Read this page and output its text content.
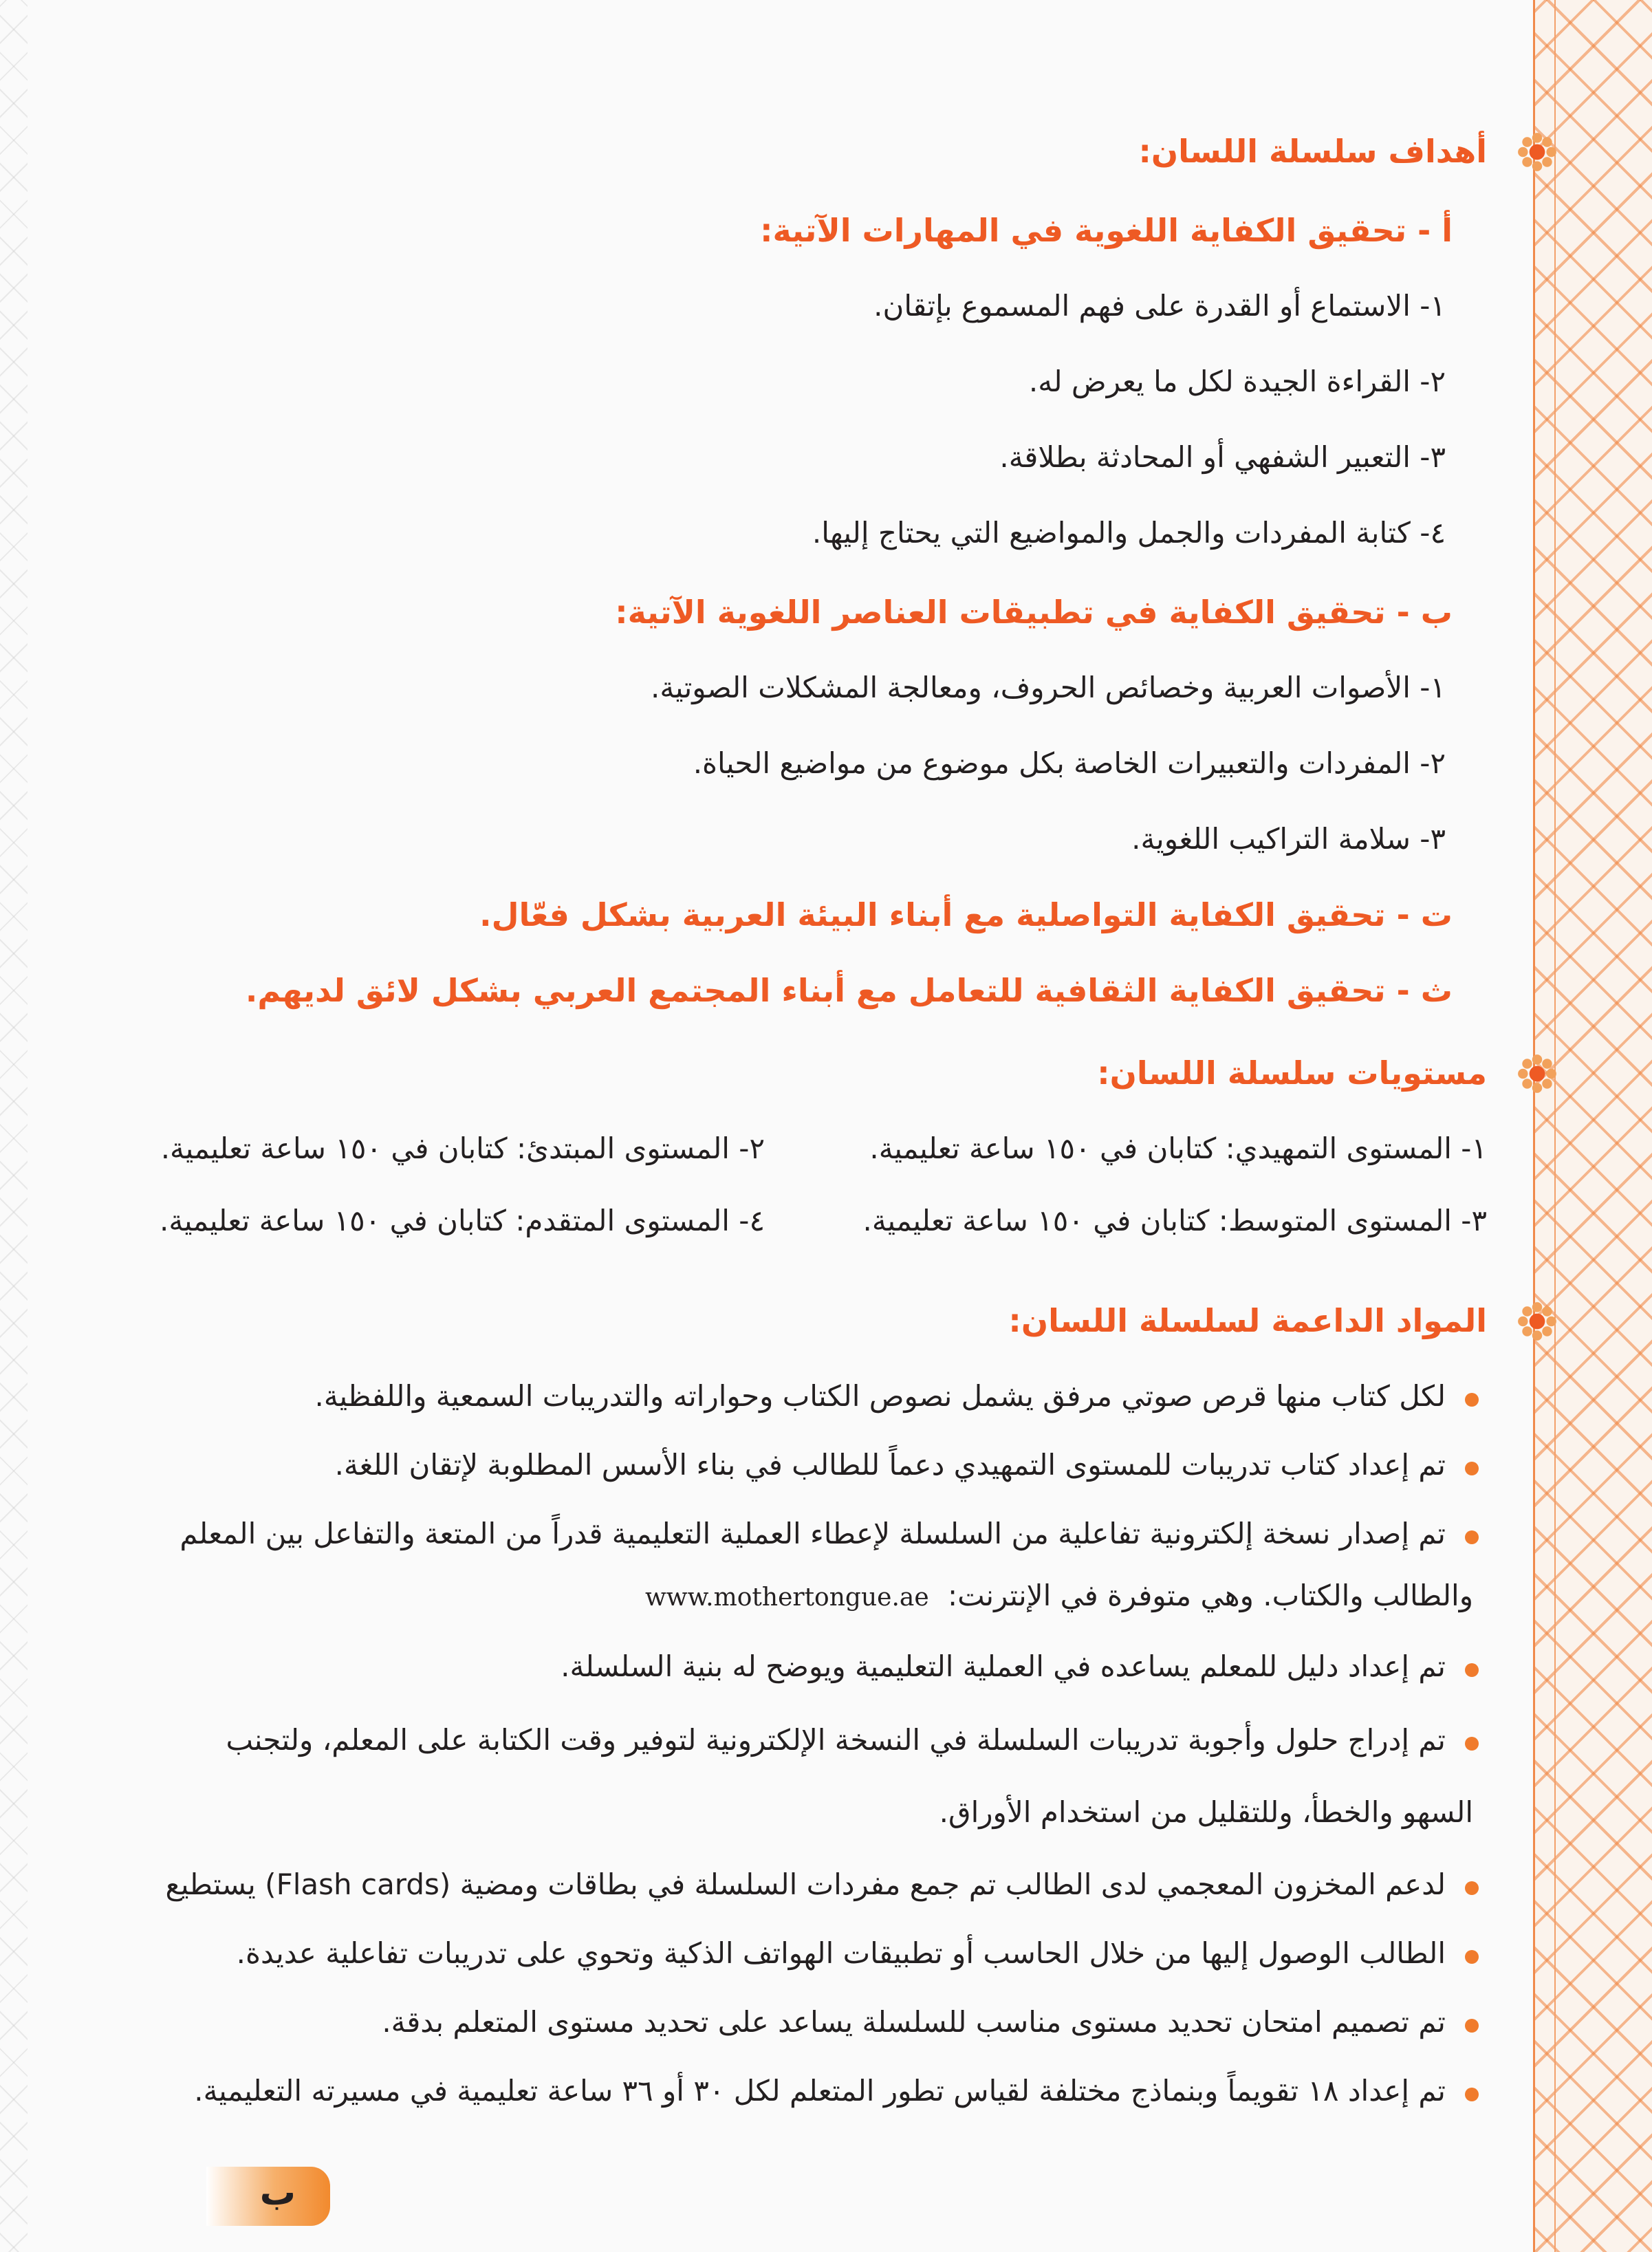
أهداف سلسلة اللسان:
أ - تحقيق الكفاية اللغوية في المهارات الآتية:
١- الاستماع أو القدرة على فهم المسموع بإتقان.
٢- القراءة الجيدة لكل ما يعرض له.
٣- التعبير الشفهي أو المحادثة بطلاقة.
٤- كتابة المفردات والجمل والمواضيع التي يحتاج إليها.
ب - تحقيق الكفاية في تطبيقات العناصر اللغوية الآتية:
١- الأصوات العربية وخصائص الحروف، ومعالجة المشكلات الصوتية.
٢- المفردات والتعبيرات الخاصة بكل موضوع من مواضيع الحياة.
٣- سلامة التراكيب اللغوية.
ت - تحقيق الكفاية التواصلية مع أبناء البيئة العربية بشكل فعّال.
ث - تحقيق الكفاية الثقافية للتعامل مع أبناء المجتمع العربي بشكل لائق لديهم.
مستويات سلسلة اللسان:
١- المستوى التمهيدي: كتابان في ١٥٠ ساعة تعليمية.
٢- المستوى المبتدئ: كتابان في ١٥٠ ساعة تعليمية.
٣- المستوى المتوسط: كتابان في ١٥٠ ساعة تعليمية.
٤- المستوى المتقدم: كتابان في ١٥٠ ساعة تعليمية.
المواد الداعمة لسلسلة اللسان:
لكل كتاب منها قرص صوتي مرفق يشمل نصوص الكتاب وحواراته والتدريبات السمعية واللفظية.
تم إعداد كتاب تدريبات للمستوى التمهيدي دعماً للطالب في بناء الأسس المطلوبة لإتقان اللغة.
تم إصدار نسخة إلكترونية تفاعلية من السلسلة لإعطاء العملية التعليمية قدراً من المتعة والتفاعل بين المعلم
والطالب والكتاب. وهي متوفرة في الإنترنت: www.mothertongue.ae
تم إعداد دليل للمعلم يساعده في العملية التعليمية ويوضح له بنية السلسلة.
تم إدراج حلول وأجوبة تدريبات السلسلة في النسخة الإلكترونية لتوفير وقت الكتابة على المعلم، ولتجنب
السهو والخطأ، وللتقليل من استخدام الأوراق.
لدعم المخزون المعجمي لدى الطالب تم جمع مفردات السلسلة في بطاقات ومضية (Flash cards) يستطيع
الطالب الوصول إليها من خلال الحاسب أو تطبيقات الهواتف الذكية وتحوي على تدريبات تفاعلية عديدة.
تم تصميم امتحان تحديد مستوى مناسب للسلسلة يساعد على تحديد مستوى المتعلم بدقة.
تم إعداد ١٨ تقويماً وبنماذج مختلفة لقياس تطور المتعلم لكل ٣٠ أو ٣٦ ساعة تعليمية في مسيرته التعليمية.
ب
